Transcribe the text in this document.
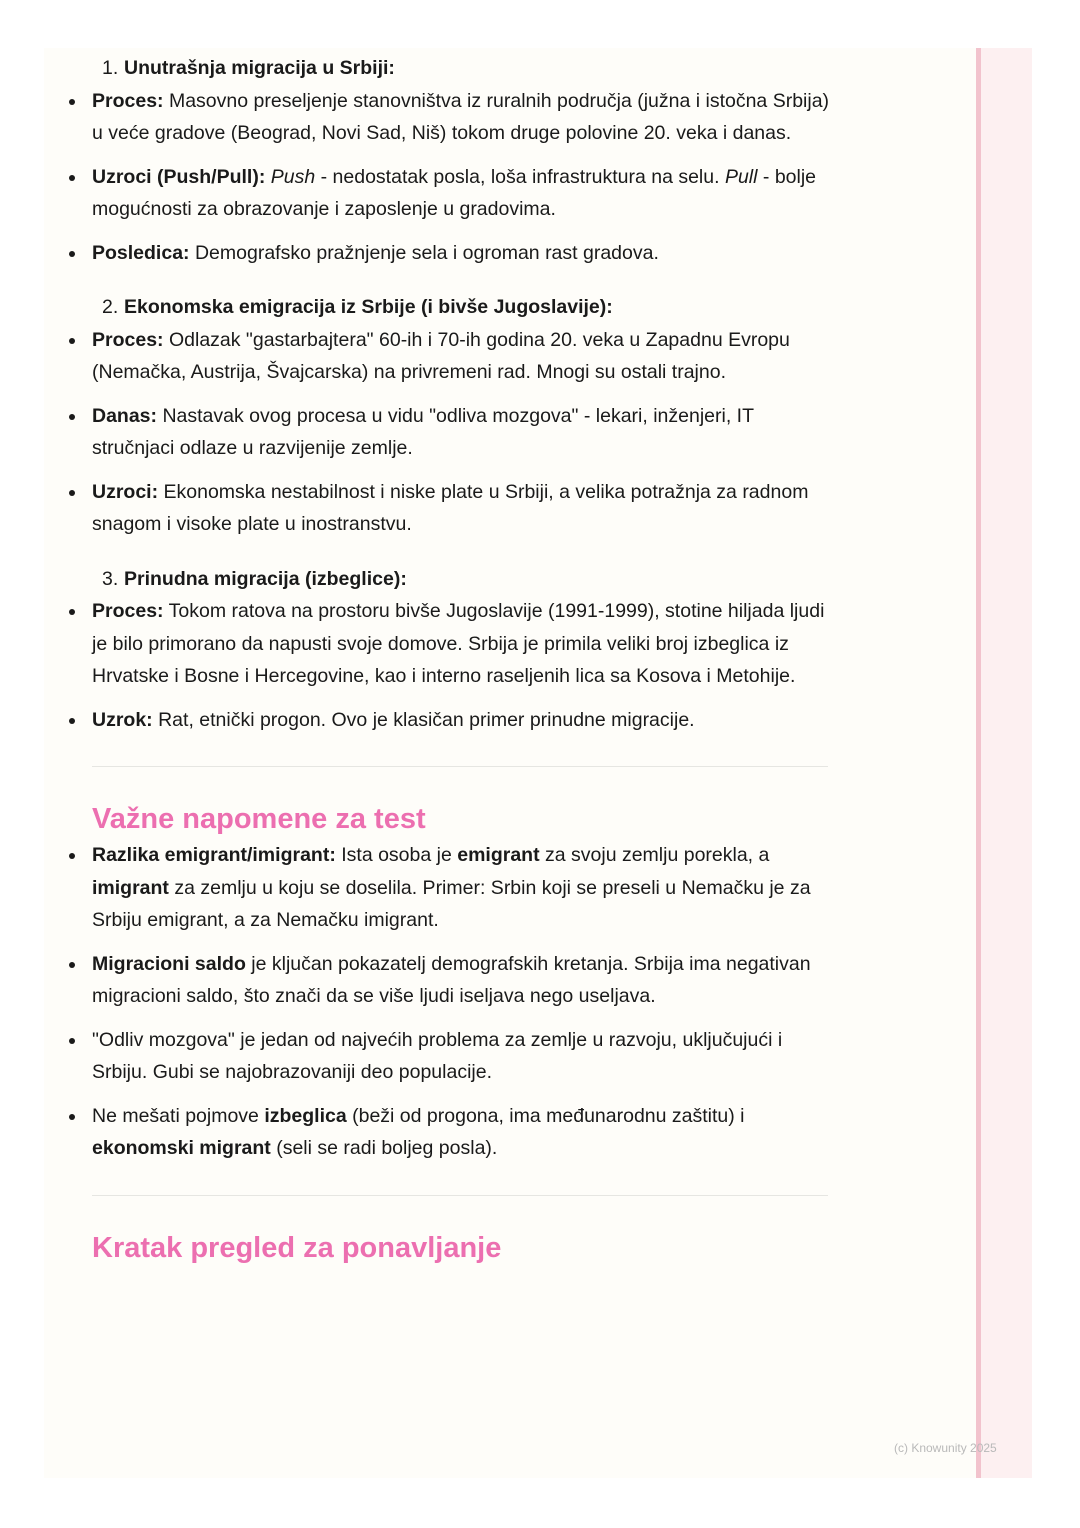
(c) Knowunity 2025
1. Unutrašnja migracija u Srbiji:
Proces: Masovno preseljenje stanovništva iz ruralnih područja (južna i istočna Srbija) u veće gradove (Beograd, Novi Sad, Niš) tokom druge polovine 20. veka i danas.
Uzroci (Push/Pull): Push - nedostatak posla, loša infrastruktura na selu. Pull - bolje mogućnosti za obrazovanje i zaposlenje u gradovima.
Posledica: Demografsko pražnjenje sela i ogroman rast gradova.
2. Ekonomska emigracija iz Srbije (i bivše Jugoslavije):
Proces: Odlazak "gastarbajtera" 60-ih i 70-ih godina 20. veka u Zapadnu Evropu (Nemačka, Austrija, Švajcarska) na privremeni rad. Mnogi su ostali trajno.
Danas: Nastavak ovog procesa u vidu "odliva mozgova" - lekari, inženjeri, IT stručnjaci odlaze u razvijenije zemlje.
Uzroci: Ekonomska nestabilnost i niske plate u Srbiji, a velika potražnja za radnom snagom i visoke plate u inostranstvu.
3. Prinudna migracija (izbeglice):
Proces: Tokom ratova na prostoru bivše Jugoslavije (1991-1999), stotine hiljada ljudi je bilo primorano da napusti svoje domove. Srbija je primila veliki broj izbeglica iz Hrvatske i Bosne i Hercegovine, kao i interno raseljenih lica sa Kosova i Metohije.
Uzrok: Rat, etnički progon. Ovo je klasičan primer prinudne migracije.
Važne napomene za test
Razlika emigrant/imigrant: Ista osoba je emigrant za svoju zemlju porekla, a imigrant za zemlju u koju se doselila. Primer: Srbin koji se preseli u Nemačku je za Srbiju emigrant, a za Nemačku imigrant.
Migracioni saldo je ključan pokazatelj demografskih kretanja. Srbija ima negativan migracioni saldo, što znači da se više ljudi iseljava nego useljava.
"Odliv mozgova" je jedan od najvećih problema za zemlje u razvoju, uključujući i Srbiju. Gubi se najobrazovaniji deo populacije.
Ne mešati pojmove izbeglica (beži od progona, ima međunarodnu zaštitu) i ekonomski migrant (seli se radi boljeg posla).
Kratak pregled za ponavljanje
